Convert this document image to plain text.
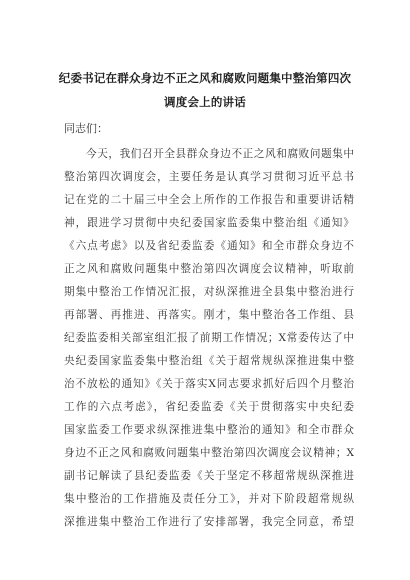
纪委书记在群众身边不正之风和腐败问题集中整治第四次
调度会上的讲话
同志们：
今天，我们召开全县群众身边不正之风和腐败问题集中
整治第四次调度会，主要任务是认真学习贯彻习近平总书
记在党的二十届三中全会上所作的工作报告和重要讲话精
神，跟进学习贯彻中央纪委国家监委集中整治组《通知》
《六点考虑》以及省纪委监委《通知》和全市群众身边不
正之风和腐败问题集中整治第四次调度会议精神，听取前
期集中整治工作情况汇报，对纵深推进全县集中整治进行
再部署、再推进、再落实。刚才，集中整治各工作组、县
纪委监委相关部室组汇报了前期工作情况；X常委传达了中
央纪委国家监委集中整治组《关于超常规纵深推进集中整
治不放松的通知》《关于落实X同志要求抓好后四个月整治
工作的六点考虑》，省纪委监委《关于贯彻落实中央纪委
国家监委工作要求纵深推进集中整治的通知》和全市群众
身边不正之风和腐败问题集中整治第四次调度会议精神；X
副书记解读了县纪委监委《关于坚定不移超常规纵深推进
集中整治的工作措施及责任分工》，并对下阶段超常规纵
深推进集中整治工作进行了安排部署，我完全同意，希望
